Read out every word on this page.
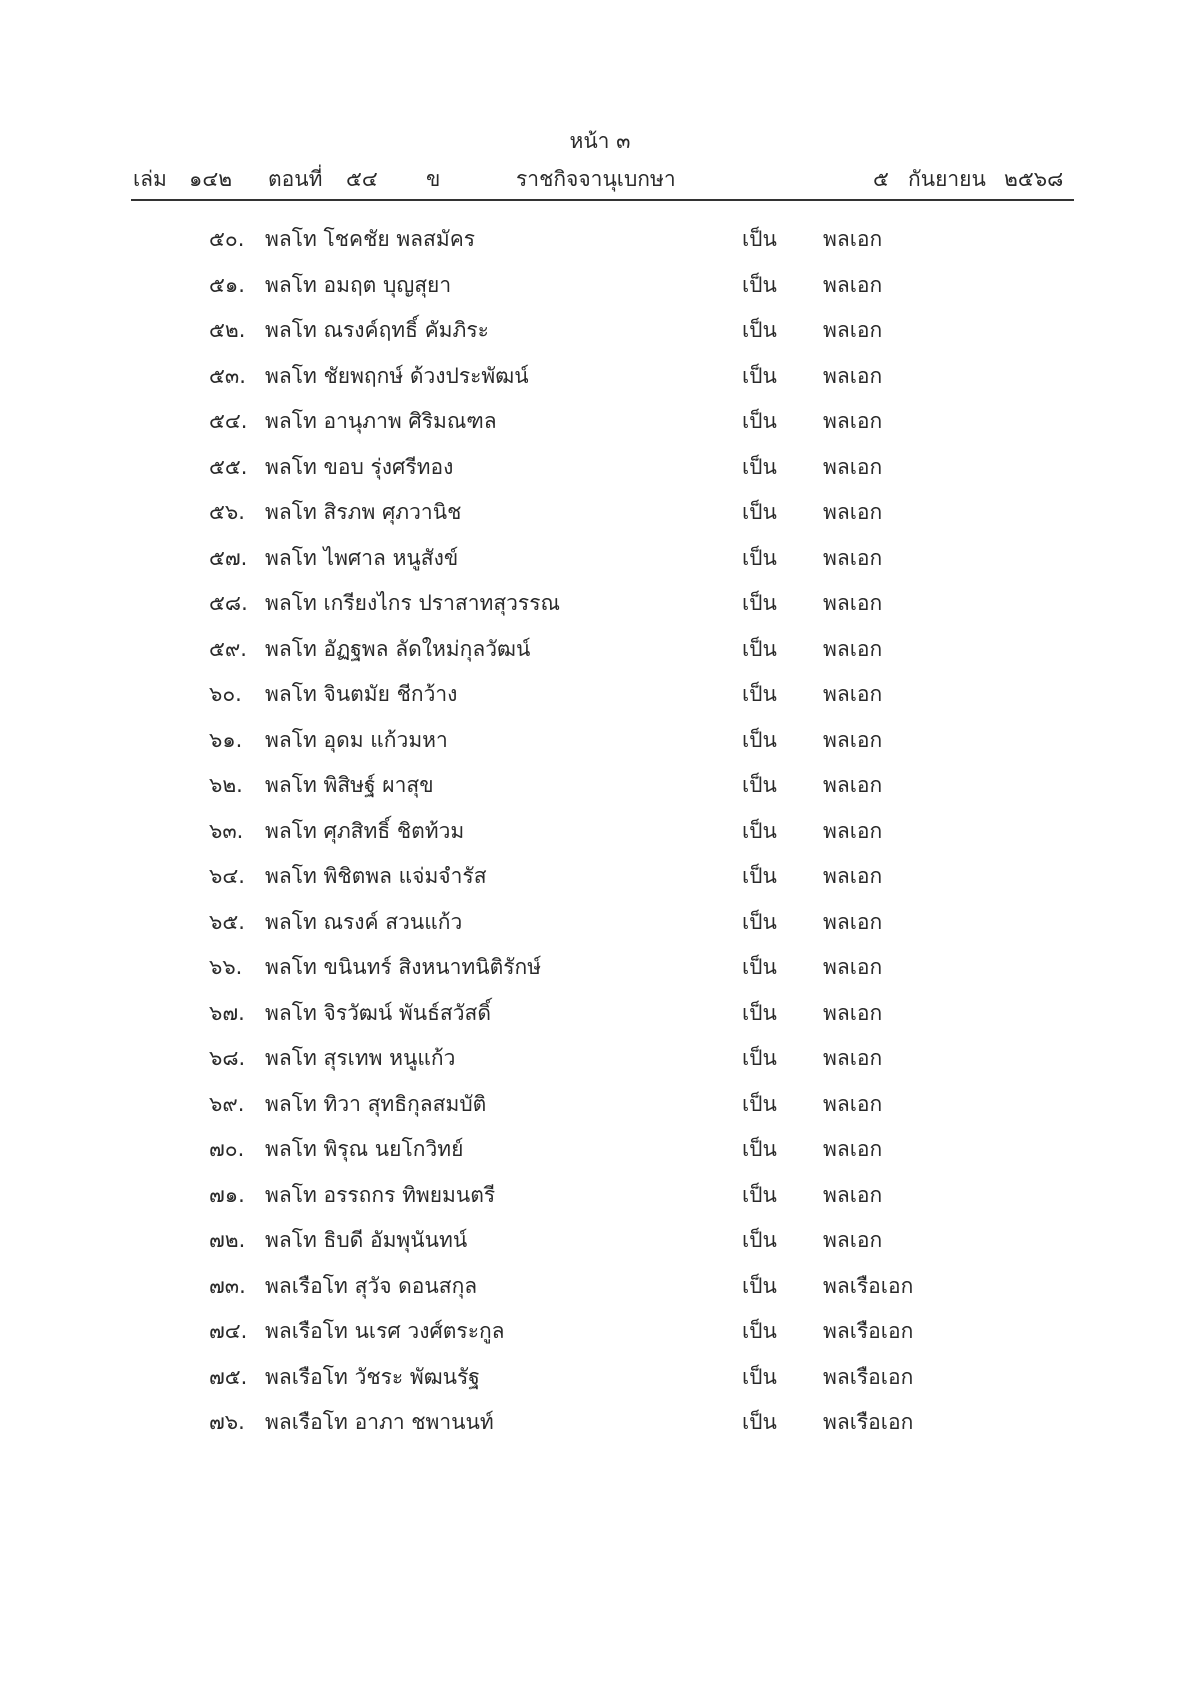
หน้า ๓
เล่ม ๑๔๒ ตอนที่ ๕๔ ข	ราชกิจจานุเบกษา	๕ กันยายน ๒๕๖๘
๕๐. พลโท โชคชัย พลสมัคร	เป็น พลเอก
๕๑. พลโท อมฤต บุญสุยา	เป็น พลเอก
๕๒. พลโท ณรงค์ฤทธิ์ คัมภิระ	เป็น พลเอก
๕๓. พลโท ชัยพฤกษ์ ด้วงประพัฒน์	เป็น พลเอก
๕๔. พลโท อานุภาพ ศิริมณฑล	เป็น พลเอก
๕๕. พลโท ขอบ รุ่งศรีทอง	เป็น พลเอก
๕๖. พลโท สิรภพ ศุภวานิช	เป็น พลเอก
๕๗. พลโท ไพศาล หนูสังข์	เป็น พลเอก
๕๘. พลโท เกรียงไกร ปราสาทสุวรรณ	เป็น พลเอก
๕๙. พลโท อัฏฐพล ลัดใหม่กุลวัฒน์	เป็น พลเอก
๖๐. พลโท จินตมัย ชีกว้าง	เป็น พลเอก
๖๑. พลโท อุดม แก้วมหา	เป็น พลเอก
๖๒. พลโท พิสิษฐ์ ผาสุข	เป็น พลเอก
๖๓. พลโท ศุภสิทธิ์ ชิตท้วม	เป็น พลเอก
๖๔. พลโท พิชิตพล แจ่มจำรัส	เป็น พลเอก
๖๕. พลโท ณรงค์ สวนแก้ว	เป็น พลเอก
๖๖. พลโท ขนินทร์ สิงหนาทนิติรักษ์	เป็น พลเอก
๖๗. พลโท จิรวัฒน์ พันธ์สวัสดิ์	เป็น พลเอก
๖๘. พลโท สุรเทพ หนูแก้ว	เป็น พลเอก
๖๙. พลโท ทิวา สุทธิกุลสมบัติ	เป็น พลเอก
๗๐. พลโท พิรุณ นยโกวิทย์	เป็น พลเอก
๗๑. พลโท อรรถกร ทิพยมนตรี	เป็น พลเอก
๗๒. พลโท ธิบดี อัมพุนันทน์	เป็น พลเอก
๗๓. พลเรือโท สุวัจ ดอนสกุล	เป็น พลเรือเอก
๗๔. พลเรือโท นเรศ วงศ์ตระกูล	เป็น พลเรือเอก
๗๕. พลเรือโท วัชระ พัฒนรัฐ	เป็น พลเรือเอก
๗๖. พลเรือโท อาภา ชพานนท์	เป็น พลเรือเอก
